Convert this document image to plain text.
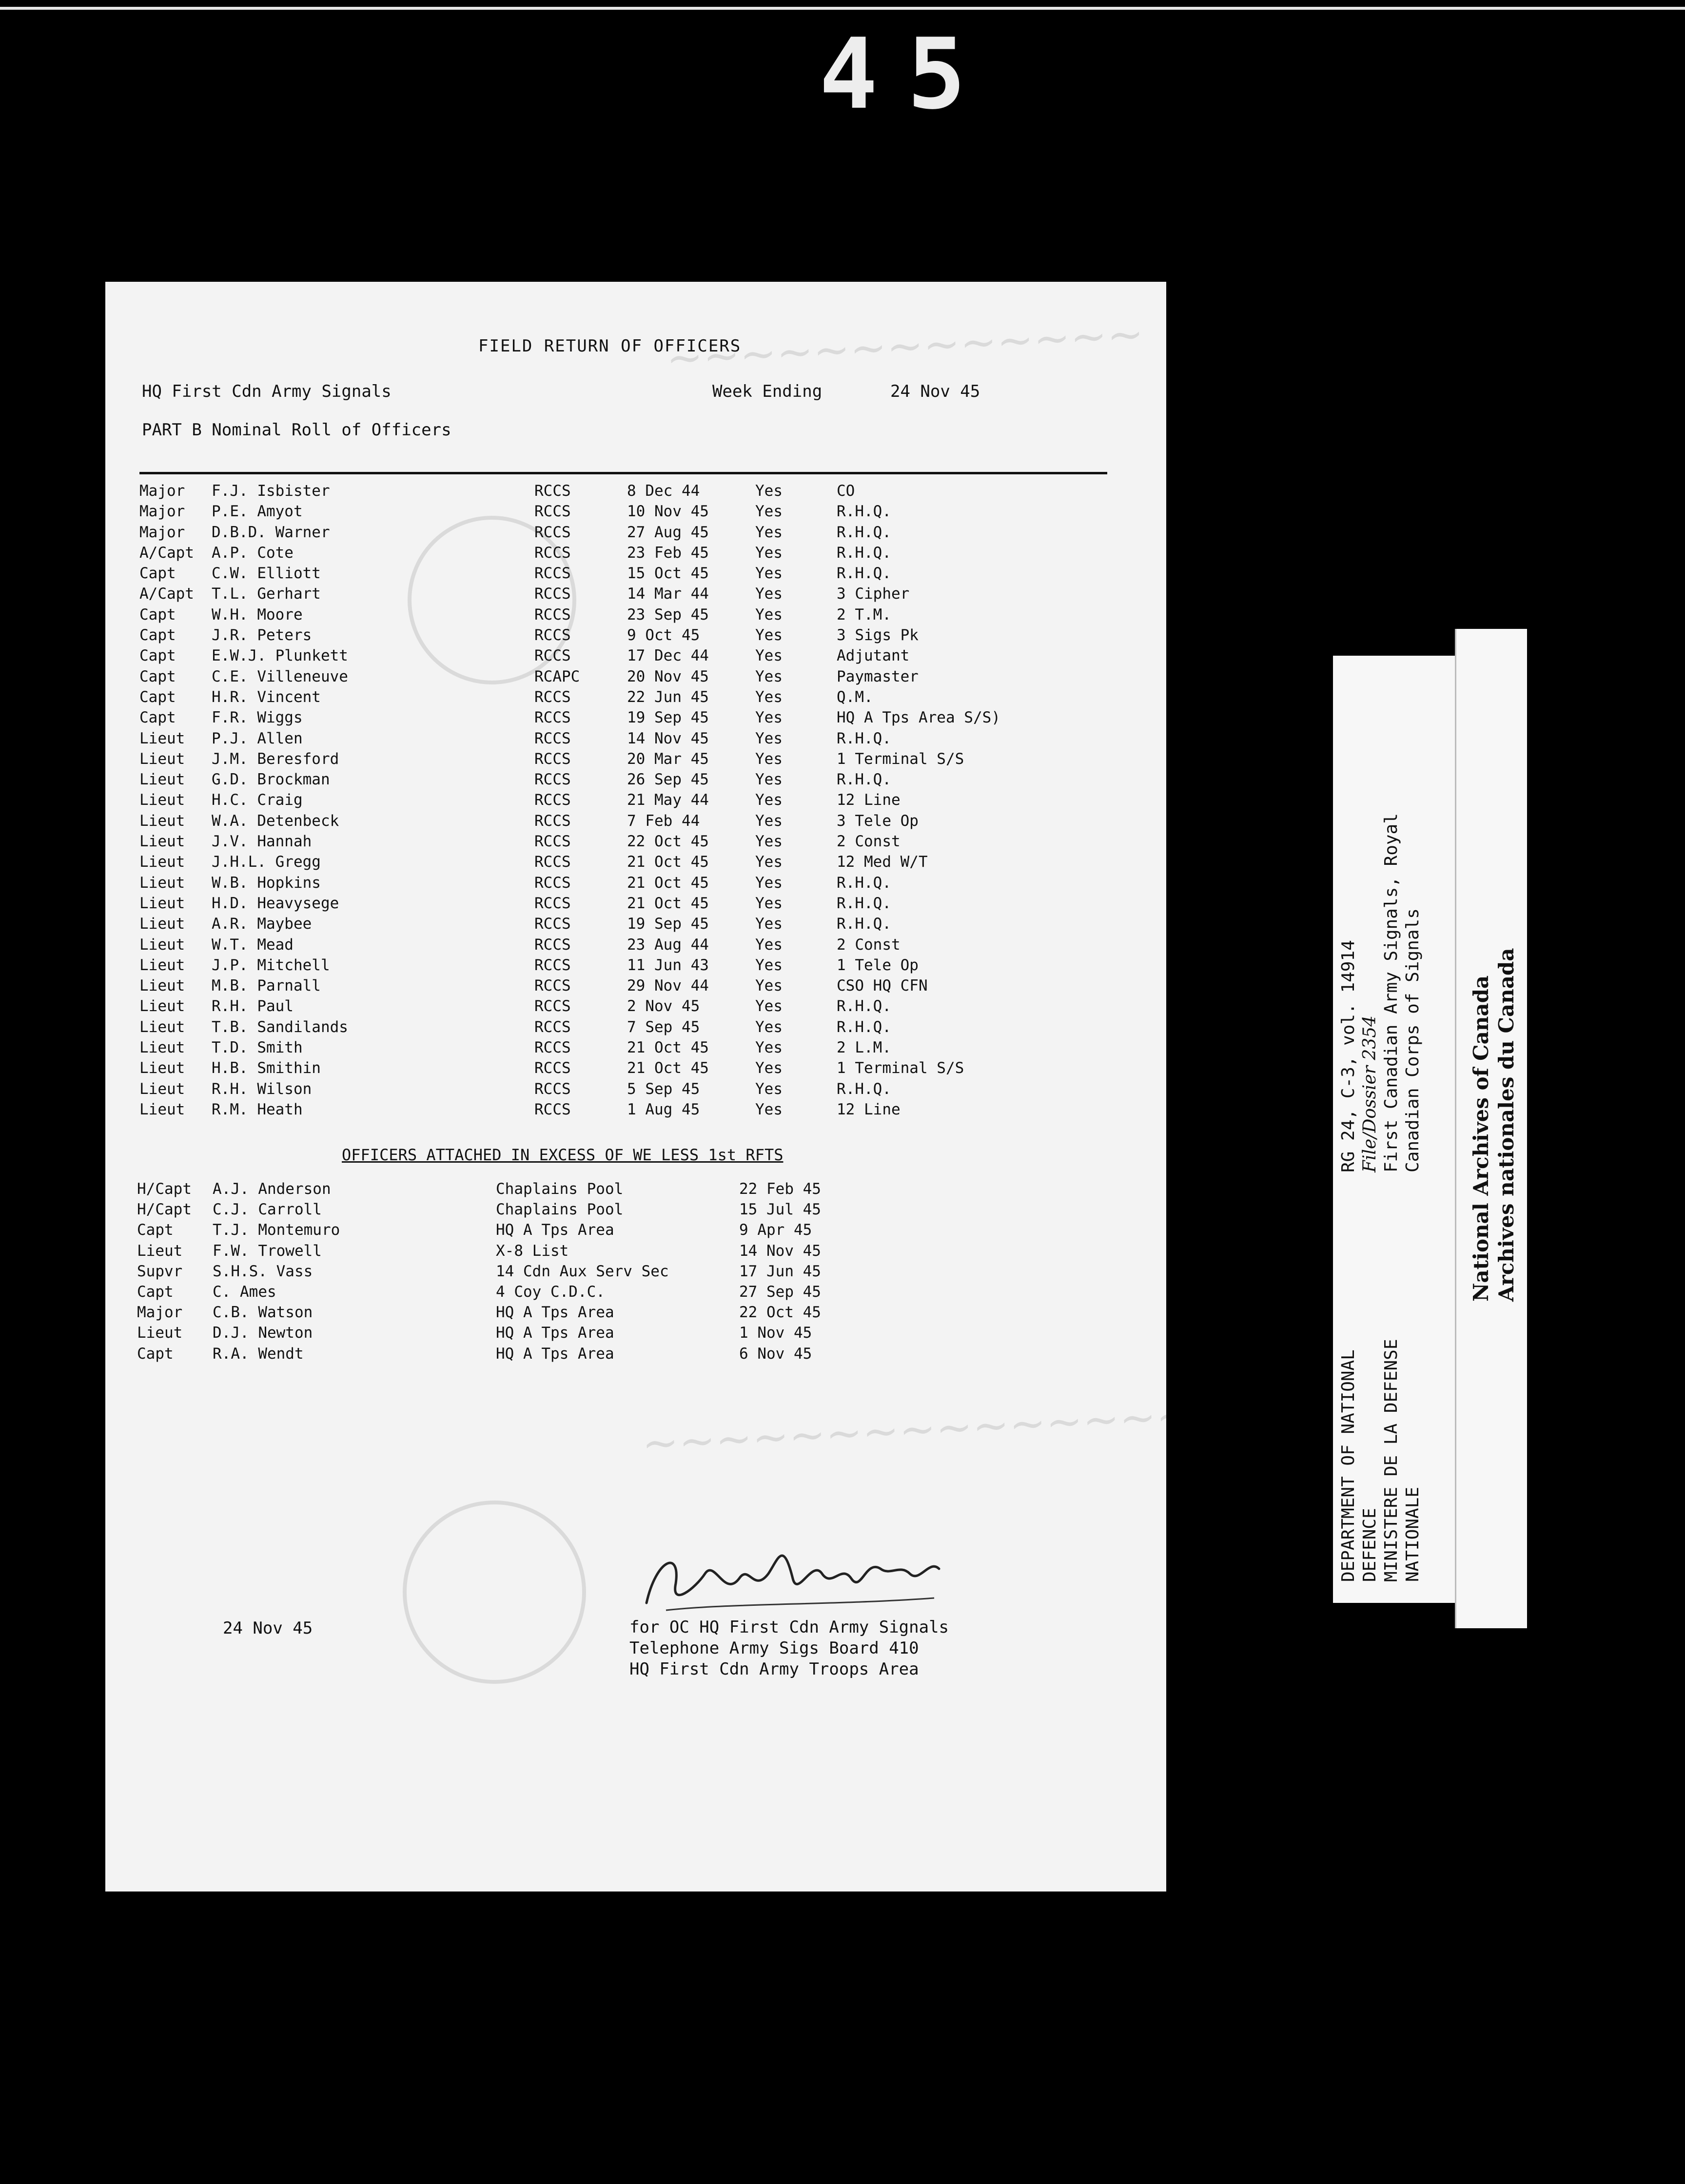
45
~~~~~~~~~~~~~
~~~~~~~~~~~~~~~~
FIELD RETURN OF OFFICERS
HQ First Cdn Army Signals	Week Ending	24 Nov 45
PART B Nominal Roll of Officers
Major F.J. Isbister	RCCS	8 Dec 44	Yes	CO
Major P.E. Amyot	RCCS	10 Nov 45	Yes	R.H.Q.
Major D.B.D. Warner	RCCS	27 Aug 45	Yes	R.H.Q.
A/Capt A.P. Cote	RCCS	23 Feb 45	Yes	R.H.Q.
Capt C.W. Elliott	RCCS	15 Oct 45	Yes	R.H.Q.
A/Capt T.L. Gerhart	RCCS	14 Mar 44	Yes	3 Cipher
Capt W.H. Moore	RCCS	23 Sep 45	Yes	2 T.M.
Capt J.R. Peters	RCCS	9 Oct 45	Yes	3 Sigs Pk
Capt E.W.J. Plunkett	RCCS	17 Dec 44	Yes	Adjutant
Capt C.E. Villeneuve	RCAPC	20 Nov 45	Yes	Paymaster
Capt H.R. Vincent	RCCS	22 Jun 45	Yes	Q.M.
Capt F.R. Wiggs	RCCS	19 Sep 45	Yes	HQ A Tps Area S/S)
Lieut P.J. Allen	RCCS	14 Nov 45	Yes	R.H.Q.
Lieut J.M. Beresford	RCCS	20 Mar 45	Yes	1 Terminal S/S
Lieut G.D. Brockman	RCCS	26 Sep 45	Yes	R.H.Q.
Lieut H.C. Craig	RCCS	21 May 44	Yes	12 Line
Lieut W.A. Detenbeck	RCCS	7 Feb 44	Yes	3 Tele Op
Lieut J.V. Hannah	RCCS	22 Oct 45	Yes	2 Const
Lieut J.H.L. Gregg	RCCS	21 Oct 45	Yes	12 Med W/T
Lieut W.B. Hopkins	RCCS	21 Oct 45	Yes	R.H.Q.
Lieut H.D. Heavysege	RCCS	21 Oct 45	Yes	R.H.Q.
Lieut A.R. Maybee	RCCS	19 Sep 45	Yes	R.H.Q.
Lieut W.T. Mead	RCCS	23 Aug 44	Yes	2 Const
Lieut J.P. Mitchell	RCCS	11 Jun 43	Yes	1 Tele Op
Lieut M.B. Parnall	RCCS	29 Nov 44	Yes	CSO HQ CFN
Lieut R.H. Paul	RCCS	2 Nov 45	Yes	R.H.Q.
Lieut T.B. Sandilands	RCCS	7 Sep 45	Yes	R.H.Q.
Lieut T.D. Smith	RCCS	21 Oct 45	Yes	2 L.M.
Lieut H.B. Smithin	RCCS	21 Oct 45	Yes	1 Terminal S/S
Lieut R.H. Wilson	RCCS	5 Sep 45	Yes	R.H.Q.
Lieut R.M. Heath	RCCS	1 Aug 45	Yes	12 Line
OFFICERS ATTACHED IN EXCESS OF WE LESS 1st RFTS
H/Capt A.J. Anderson	Chaplains Pool	22 Feb 45
H/Capt C.J. Carroll	Chaplains Pool	15 Jul 45
Capt	T.J. Montemuro	HQ A Tps Area	9 Apr 45
Lieut F.W. Trowell	X-8 List	14 Nov 45
Supvr S.H.S. Vass	14 Cdn Aux Serv Sec	17 Jun 45
Capt	C. Ames	4 Coy C.D.C.	27 Sep 45
Major C.B. Watson	HQ A Tps Area	22 Oct 45
Lieut D.J. Newton	HQ A Tps Area	1 Nov 45
Capt	R.A. Wendt	HQ A Tps Area	6 Nov 45
24 Nov 45	for OC HQ First Cdn Army Signals
Telephone Army Sigs Board 410
HQ First Cdn Army Troops Area
DEPARTMENT OF NATIONAL DEFENCE MINISTERE DE LA DEFENSE NATIONALE
RG 24, C-3, vol. 14914 File/Dossier 2354 First Canadian Army Signals, Royal Canadian Corps of Signals National Archives of Canada Archives nationales du Canada
